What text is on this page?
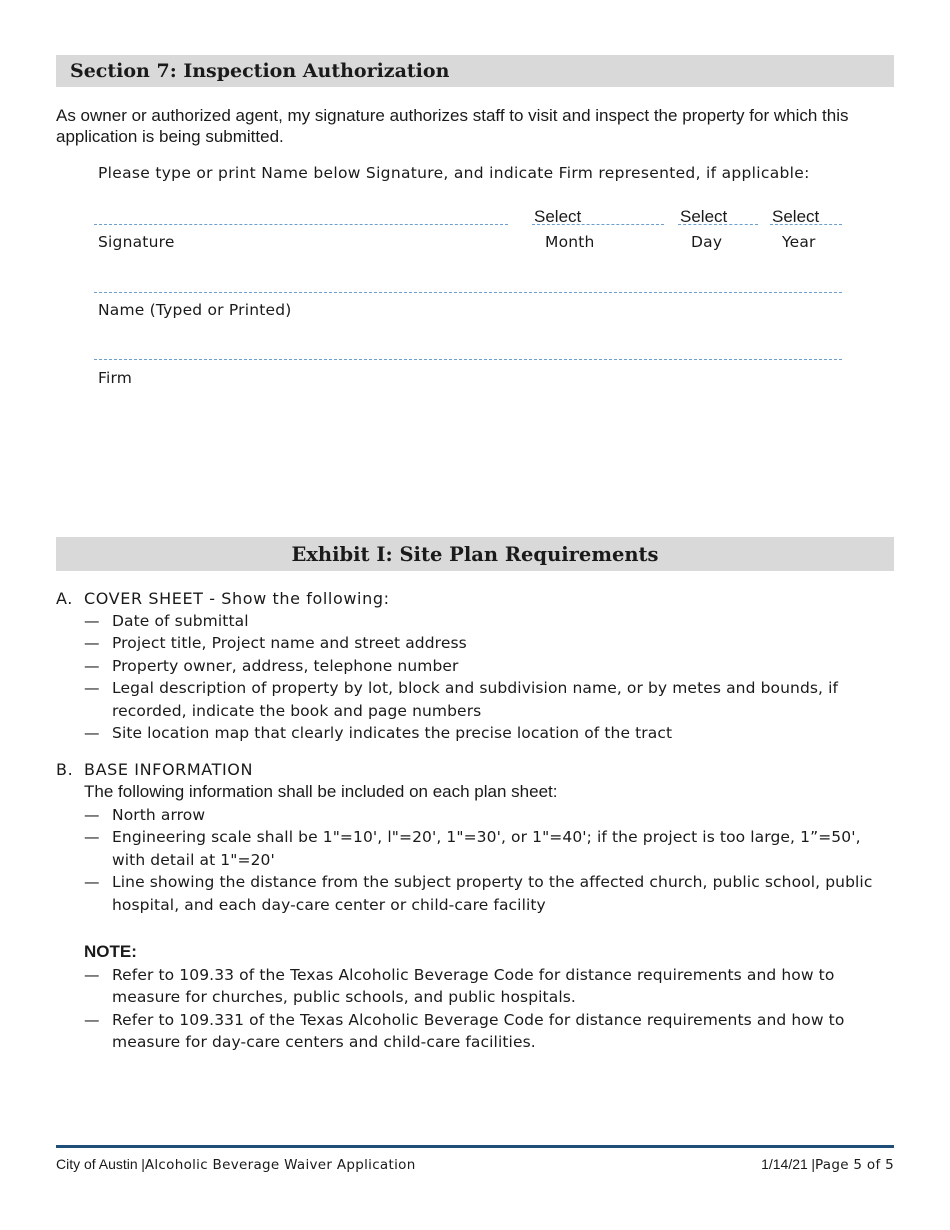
Section 7: Inspection Authorization
As owner or authorized agent, my signature authorizes staff to visit and inspect the property for which this application is being submitted.
Please type or print Name below Signature, and indicate Firm represented, if applicable:
Signature
Select
Month
Select
Day
Select
Year
Name (Typed or Printed)
Firm
Exhibit I: Site Plan Requirements
A. COVER SHEET - Show the following:
— Date of submittal
— Project title, Project name and street address
— Property owner, address, telephone number
— Legal description of property by lot, block and subdivision name, or by metes and bounds, if recorded, indicate the book and page numbers
— Site location map that clearly indicates the precise location of the tract
B. BASE INFORMATION
The following information shall be included on each plan sheet:
— North arrow
— Engineering scale shall be 1"=10', l"=20', 1"=30', or 1"=40'; if the project is too large, 1”=50', with detail at 1"=20'
— Line showing the distance from the subject property to the affected church, public school, public hospital, and each day-care center or child-care facility
NOTE:
— Refer to 109.33 of the Texas Alcoholic Beverage Code for distance requirements and how to measure for churches, public schools, and public hospitals.
— Refer to 109.331 of the Texas Alcoholic Beverage Code for distance requirements and how to measure for day-care centers and child-care facilities.
City of Austin |Alcoholic Beverage Waiver Application	1/14/21 |Page 5 of 5
